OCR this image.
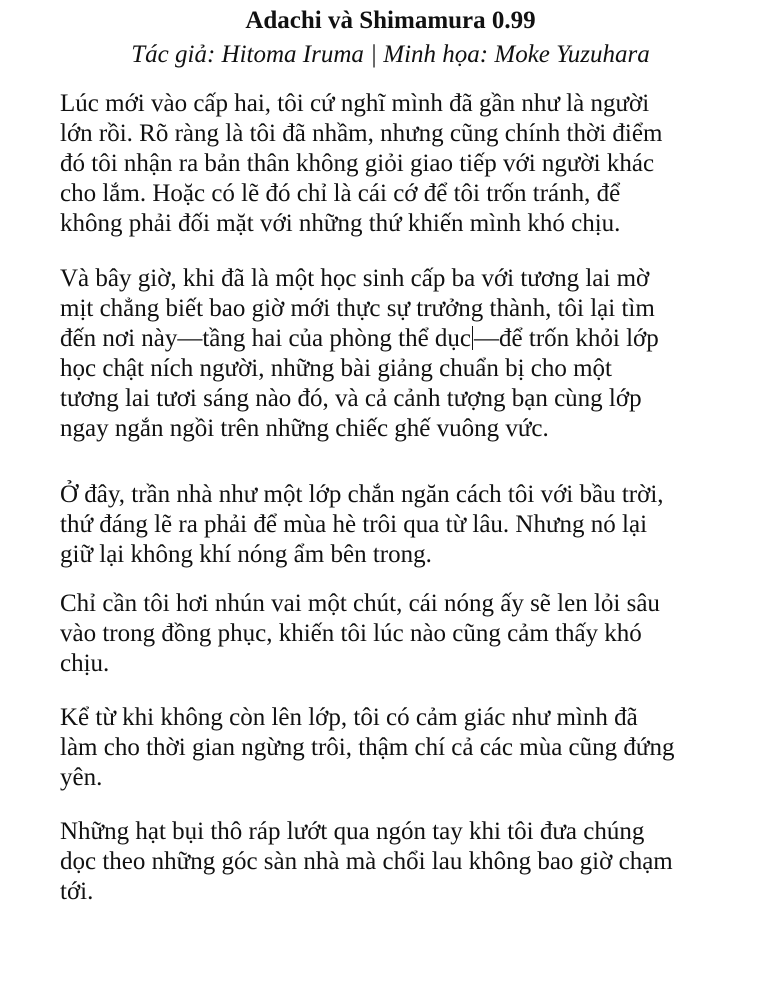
Adachi và Shimamura 0.99
Tác giả: Hitoma Iruma | Minh họa: Moke Yuzuhara

Lúc mới vào cấp hai, tôi cứ nghĩ mình đã gần như là người
lớn rồi. Rõ ràng là tôi đã nhầm, nhưng cũng chính thời điểm
đó tôi nhận ra bản thân không giỏi giao tiếp với người khác
cho lắm. Hoặc có lẽ đó chỉ là cái cớ để tôi trốn tránh, để
không phải đối mặt với những thứ khiến mình khó chịu.

Và bây giờ, khi đã là một học sinh cấp ba với tương lai mờ
mịt chẳng biết bao giờ mới thực sự trưởng thành, tôi lại tìm
đến nơi này—tầng hai của phòng thể dục —để trốn khỏi lớp
học chật ních người, những bài giảng chuẩn bị cho một
tương lai tươi sáng nào đó, và cả cảnh tượng bạn cùng lớp
ngay ngắn ngồi trên những chiếc ghế vuông vức.

Ở đây, trần nhà như một lớp chắn ngăn cách tôi với bầu trời,
thứ đáng lẽ ra phải để mùa hè trôi qua từ lâu. Nhưng nó lại
giữ lại không khí nóng ẩm bên trong.

Chỉ cần tôi hơi nhún vai một chút, cái nóng ấy sẽ len lỏi sâu
vào trong đồng phục, khiến tôi lúc nào cũng cảm thấy khó
chịu.

Kể từ khi không còn lên lớp, tôi có cảm giác như mình đã
làm cho thời gian ngừng trôi, thậm chí cả các mùa cũng đứng
yên.

Những hạt bụi thô ráp lướt qua ngón tay khi tôi đưa chúng
dọc theo những góc sàn nhà mà chổi lau không bao giờ chạm
tới.
